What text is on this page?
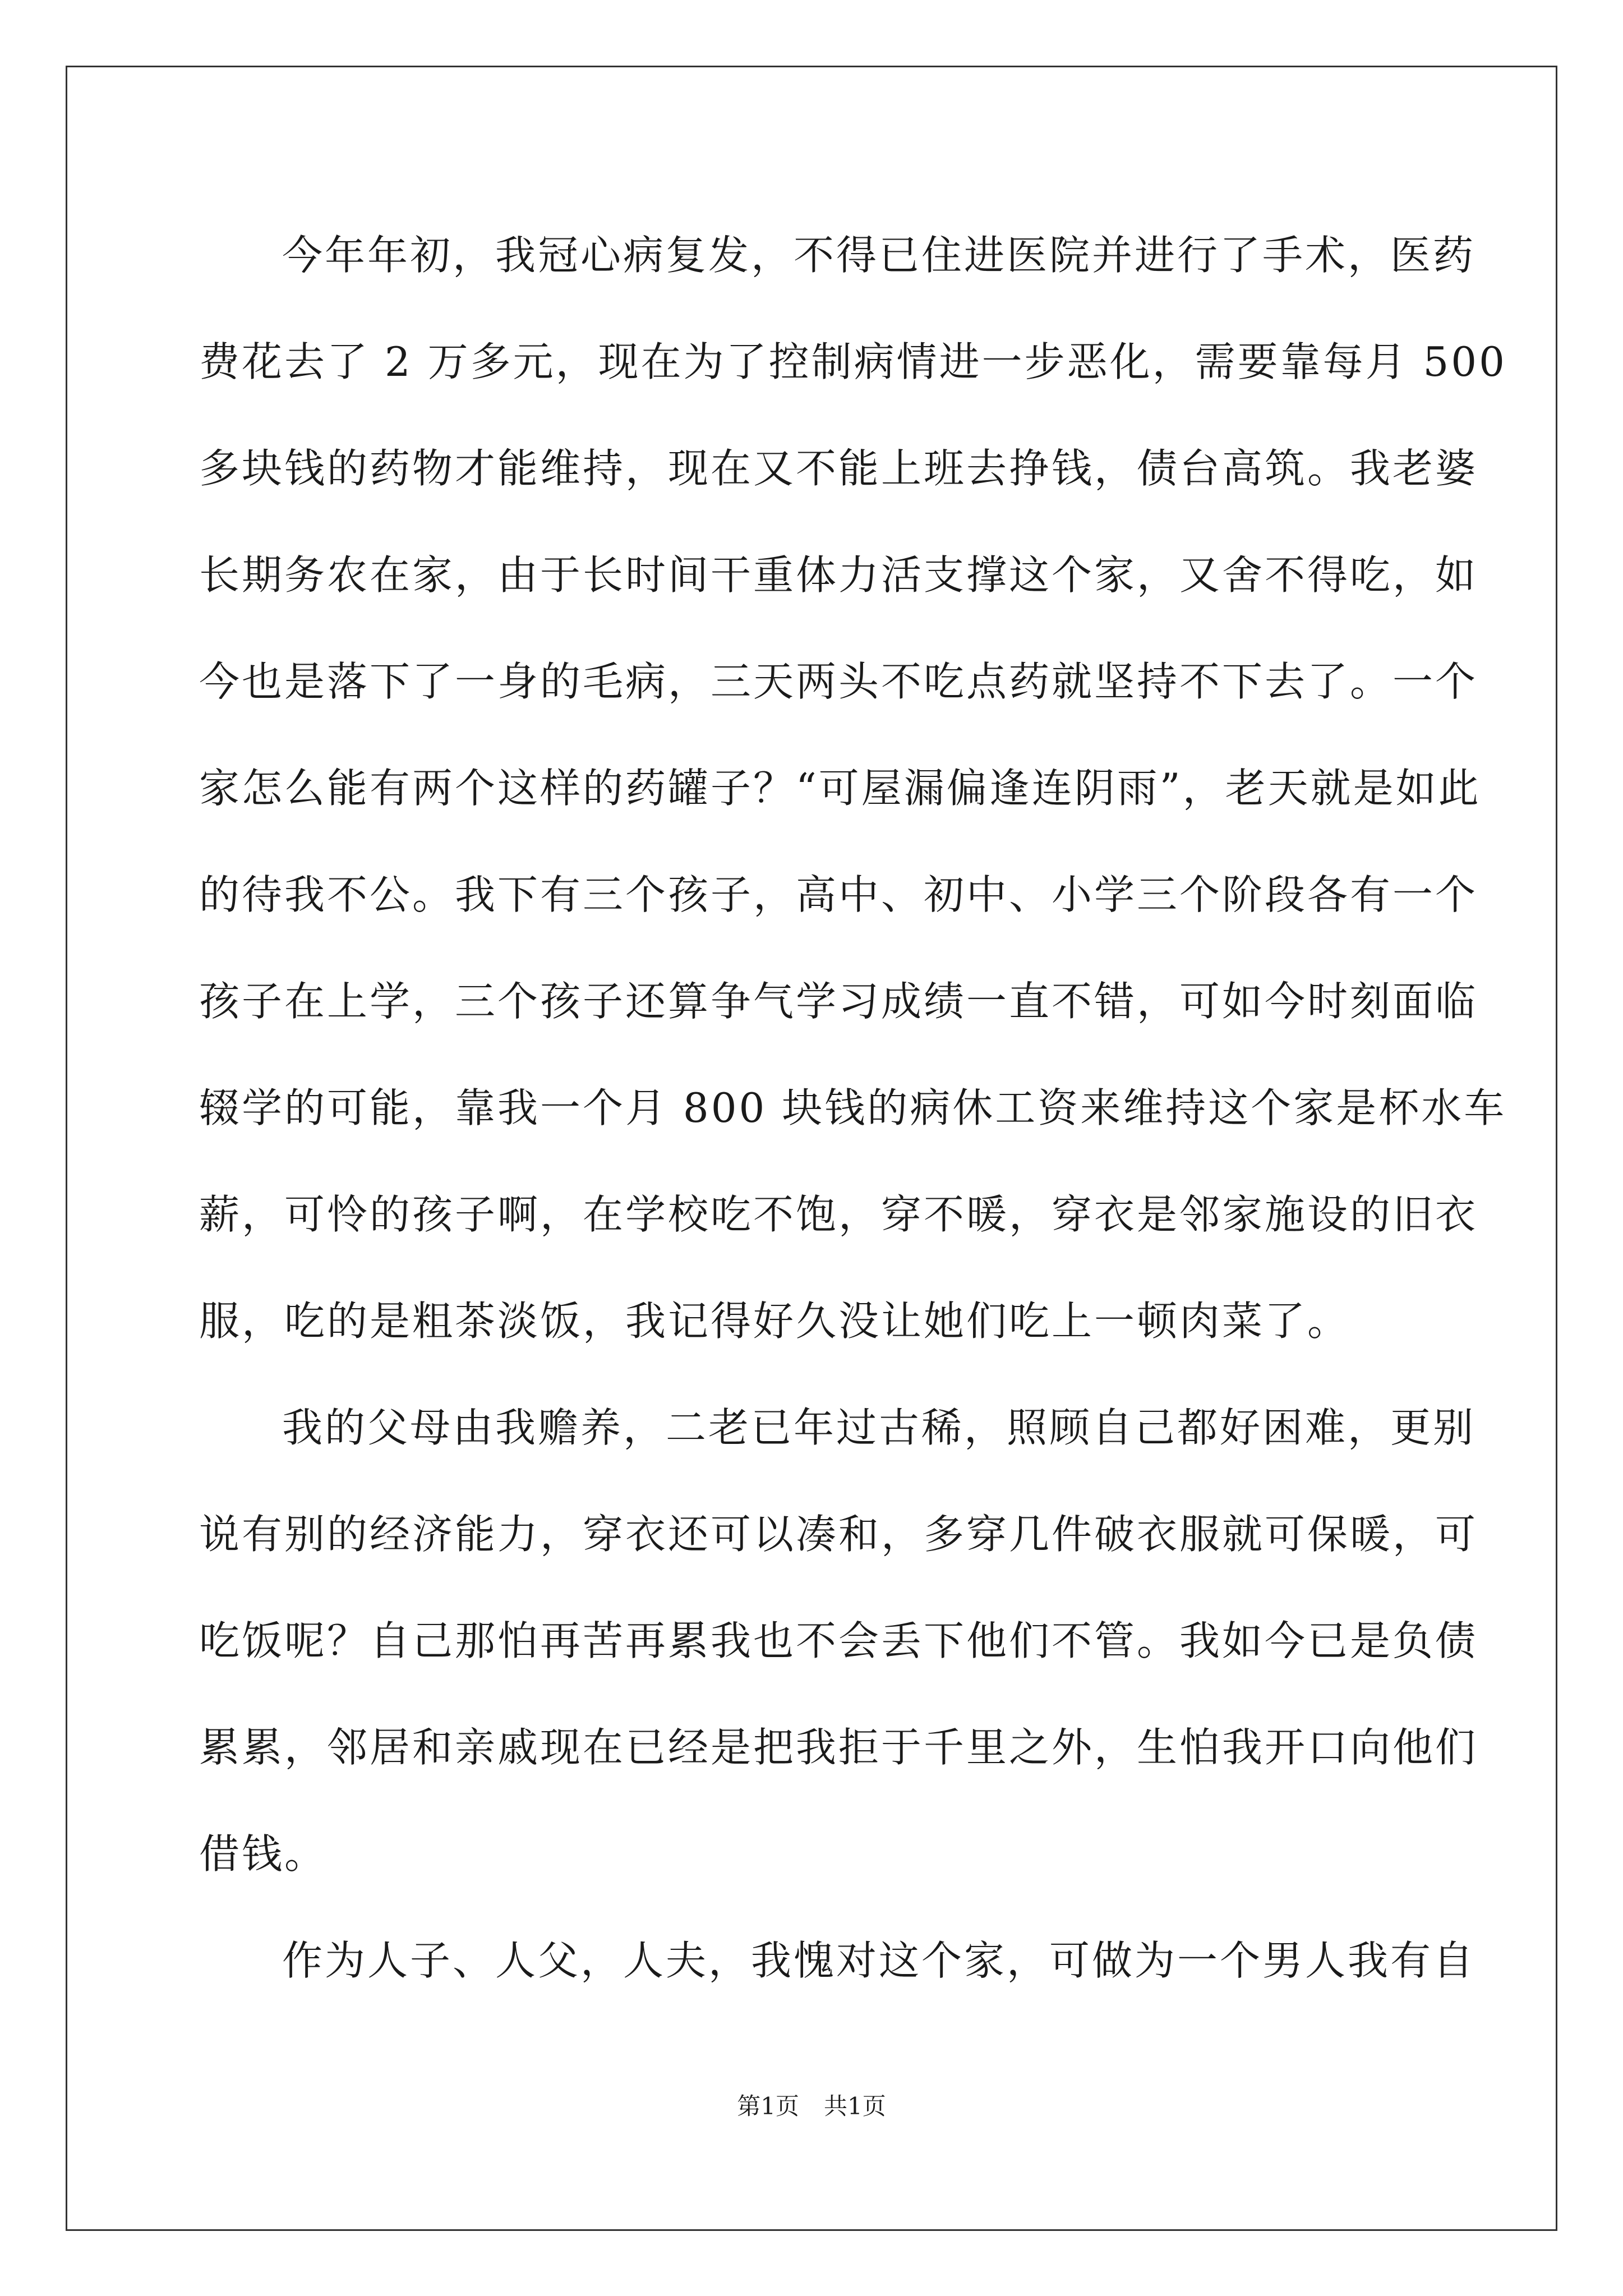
今年年初，我冠心病复发，不得已住进医院并进行了手术，医药
费花去了 2 万多元，现在为了控制病情进一步恶化，需要靠每月 500
多块钱的药物才能维持，现在又不能上班去挣钱，债台高筑。我老婆
长期务农在家，由于长时间干重体力活支撑这个家，又舍不得吃，如
今也是落下了一身的毛病，三天两头不吃点药就坚持不下去了。一个
家怎么能有两个这样的药罐子？“可屋漏偏逢连阴雨”，老天就是如此
的待我不公。我下有三个孩子，高中、初中、小学三个阶段各有一个
孩子在上学，三个孩子还算争气学习成绩一直不错，可如今时刻面临
辍学的可能，靠我一个月 800 块钱的病休工资来维持这个家是杯水车
薪，可怜的孩子啊，在学校吃不饱，穿不暖，穿衣是邻家施设的旧衣
服，吃的是粗茶淡饭，我记得好久没让她们吃上一顿肉菜了。
我的父母由我赡养，二老已年过古稀，照顾自己都好困难，更别
说有别的经济能力，穿衣还可以凑和，多穿几件破衣服就可保暖，可
吃饭呢？自己那怕再苦再累我也不会丢下他们不管。我如今已是负债
累累，邻居和亲戚现在已经是把我拒于千里之外，生怕我开口向他们
借钱。
作为人子、人父，人夫，我愧对这个家，可做为一个男人我有自
第1页 共1页
